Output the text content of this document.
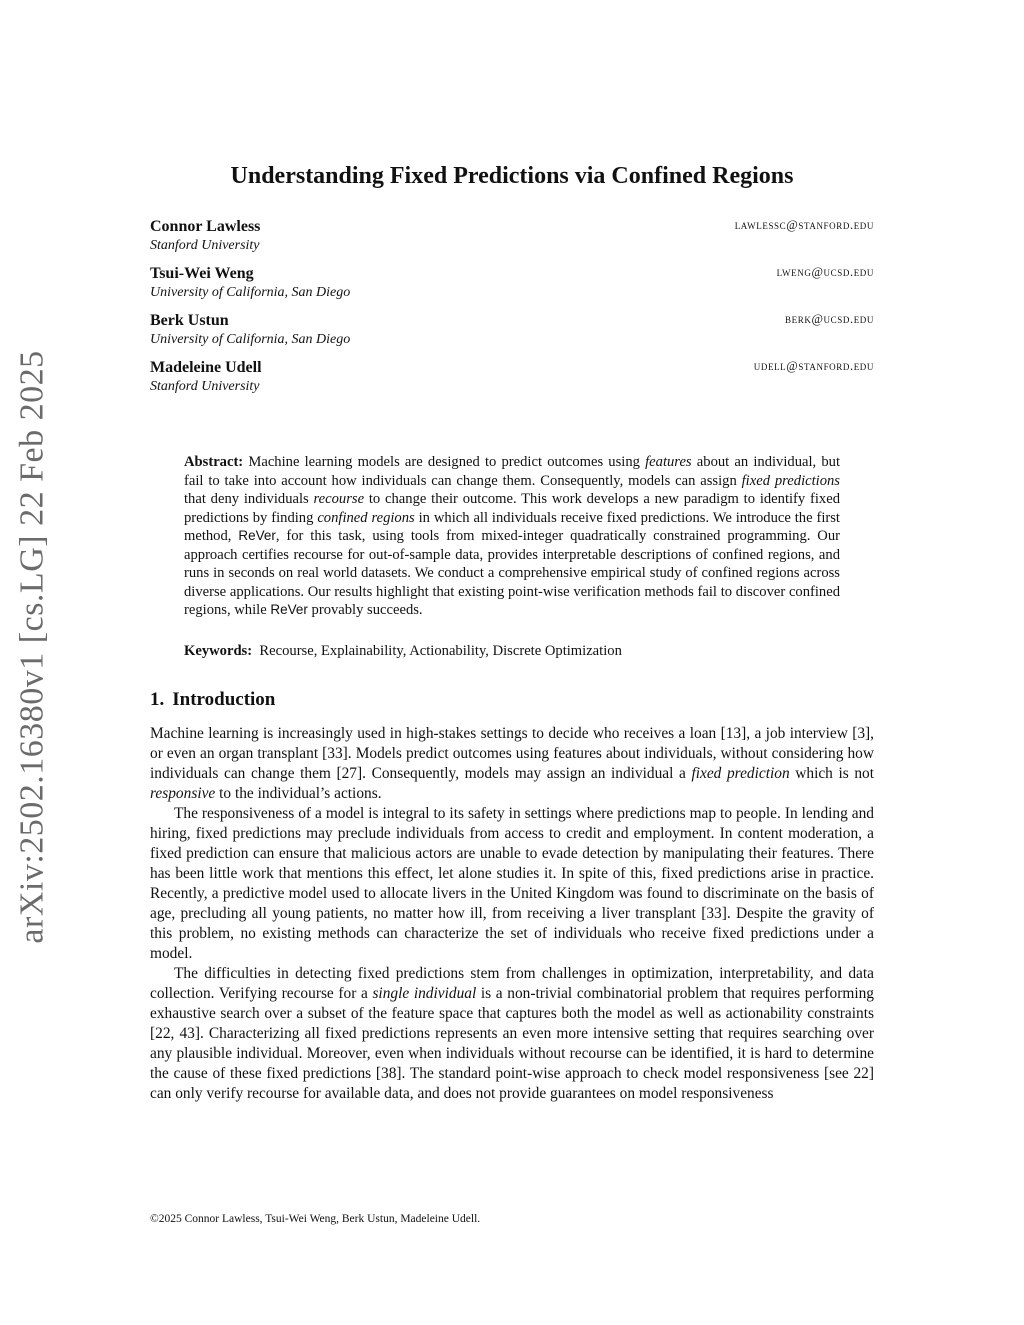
arXiv:2502.16380v1 [cs.LG] 22 Feb 2025
Understanding Fixed Predictions via Confined Regions
Connor Lawless	lawlessc@stanford.edu
Stanford University
Tsui-Wei Weng	lweng@ucsd.edu
University of California, San Diego
Berk Ustun	berk@ucsd.edu
University of California, San Diego
Madeleine Udell	udell@stanford.edu
Stanford University

Abstract: Machine learning models are designed to predict outcomes using features about an individual, but fail to take into account how individuals can change them. Consequently, models can assign fixed predictions that deny individuals recourse to change their outcome. This work develops a new paradigm to identify fixed predictions by finding confined regions in which all individuals receive fixed predictions. We introduce the first method, ReVer, for this task, using tools from mixed-integer quadratically constrained programming. Our approach certifies recourse for out-of-sample data, provides interpretable descriptions of confined regions, and runs in seconds on real world datasets. We conduct a comprehensive empirical study of confined regions across diverse applications. Our results highlight that existing point-wise verification methods fail to discover confined regions, while ReVer provably succeeds.

Keywords: Recourse, Explainability, Actionability, Discrete Optimization
1. Introduction

Machine learning is increasingly used in high-stakes settings to decide who receives a loan [13], a job interview [3], or even an organ transplant [33]. Models predict outcomes using features about individuals, without considering how individuals can change them [27]. Consequently, models may assign an individual a fixed prediction which is not responsive to the individual’s actions.

The responsiveness of a model is integral to its safety in settings where predictions map to people. In lending and hiring, fixed predictions may preclude individuals from access to credit and employment. In content moderation, a fixed prediction can ensure that malicious actors are unable to evade detection by manipulating their features. There has been little work that mentions this effect, let alone studies it. In spite of this, fixed predictions arise in practice. Recently, a predictive model used to allocate livers in the United Kingdom was found to discriminate on the basis of age, precluding all young patients, no matter how ill, from receiving a liver transplant [33]. Despite the gravity of this problem, no existing methods can characterize the set of individuals who receive fixed predictions under a model.

The difficulties in detecting fixed predictions stem from challenges in optimization, interpretability, and data collection. Verifying recourse for a single individual is a non-trivial combinatorial problem that requires performing exhaustive search over a subset of the feature space that captures both the model as well as actionability constraints [22, 43]. Characterizing all fixed predictions represents an even more intensive setting that requires searching over any plausible individual. Moreover, even when individuals without recourse can be identified, it is hard to determine the cause of these fixed predictions [38]. The standard point-wise approach to check model responsiveness [see 22] can only verify recourse for available data, and does not provide guarantees on model responsiveness

©2025 Connor Lawless, Tsui-Wei Weng, Berk Ustun, Madeleine Udell.
